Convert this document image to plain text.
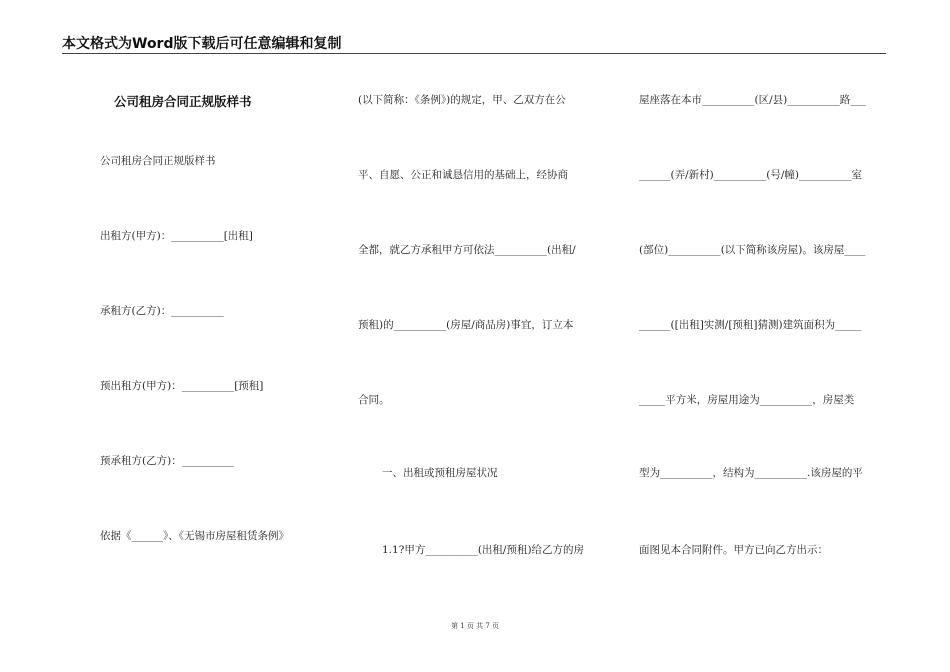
本文格式为Word版下载后可任意编辑和复制
公司租房合同正规版样书
公司租房合同正规版样书
出租方(甲方)：__________[出租]
承租方(乙方)：__________
预出租方(甲方)：__________[预租]
预承租方(乙方)：__________
依据《______》、《无锡市房屋租赁条例》
(以下简称：《条例》)的规定，甲、乙双方在公
平、自愿、公正和诚恳信用的基础上，经协商
全都，就乙方承租甲方可依法__________(出租/
预租)的__________(房屋/商品房)事宜，订立本
合同。
一、出租或预租房屋状况
1.1?甲方__________(出租/预租)给乙方的房
屋座落在本市__________(区/县)__________路___
______(弄/新村)__________(号/幢)__________室
(部位)__________(以下简称该房屋)。该房屋____
______([出租]实测/[预租]猜测)建筑面积为_____
_____平方米，房屋用途为__________，房屋类
型为__________，结构为__________.该房屋的平
面图见本合同附件。甲方已向乙方出示：
第 1 页 共 7 页
